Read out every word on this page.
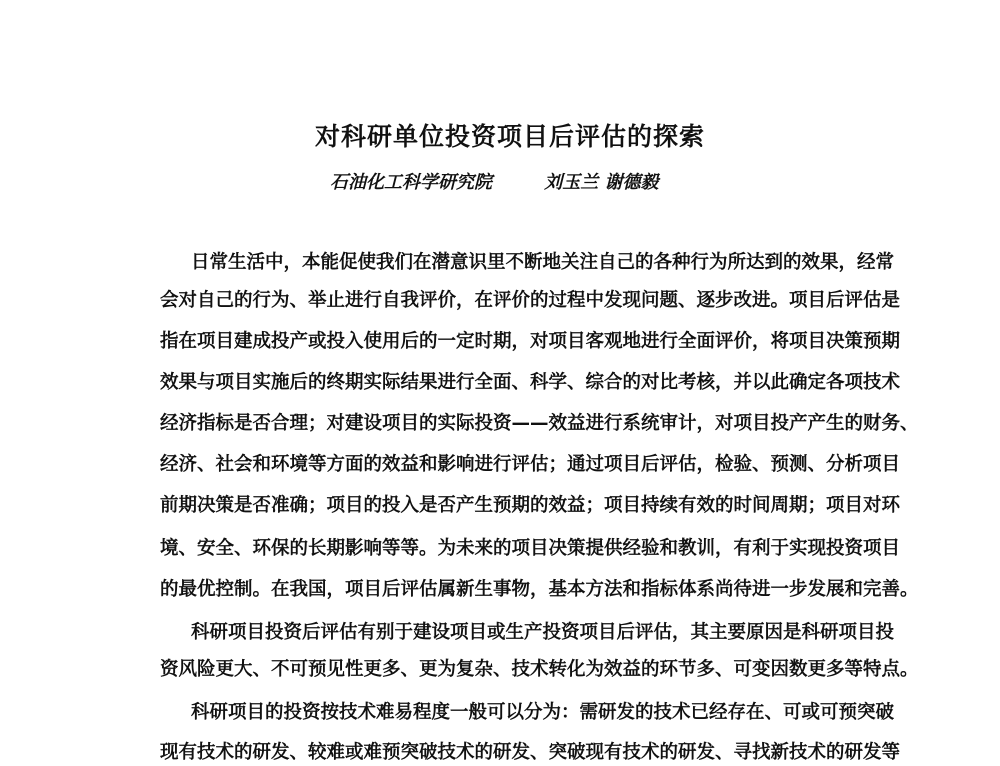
对科研单位投资项目后评估的探索
石油化工科学研究院	刘玉兰 谢德毅
日常生活中，本能促使我们在潜意识里不断地关注自己的各种行为所达到的效果，经常
会对自己的行为、举止进行自我评价，在评价的过程中发现问题、逐步改进。项目后评估是
指在项目建成投产或投入使用后的一定时期，对项目客观地进行全面评价，将项目决策预期
效果与项目实施后的终期实际结果进行全面、科学、综合的对比考核，并以此确定各项技术
经济指标是否合理；对建设项目的实际投资——效益进行系统审计，对项目投产产生的财务、
经济、社会和环境等方面的效益和影响进行评估；通过项目后评估，检验、预测、分析项目
前期决策是否准确；项目的投入是否产生预期的效益；项目持续有效的时间周期；项目对环
境、安全、环保的长期影响等等。为未来的项目决策提供经验和教训，有利于实现投资项目
的最优控制。在我国，项目后评估属新生事物，基本方法和指标体系尚待进一步发展和完善。
科研项目投资后评估有别于建设项目或生产投资项目后评估，其主要原因是科研项目投
资风险更大、不可预见性更多、更为复杂、技术转化为效益的环节多、可变因数更多等特点。
科研项目的投资按技术难易程度一般可以分为：需研发的技术已经存在、可或可预突破
现有技术的研发、较难或难预突破技术的研发、突破现有技术的研发、寻找新技术的研发等
